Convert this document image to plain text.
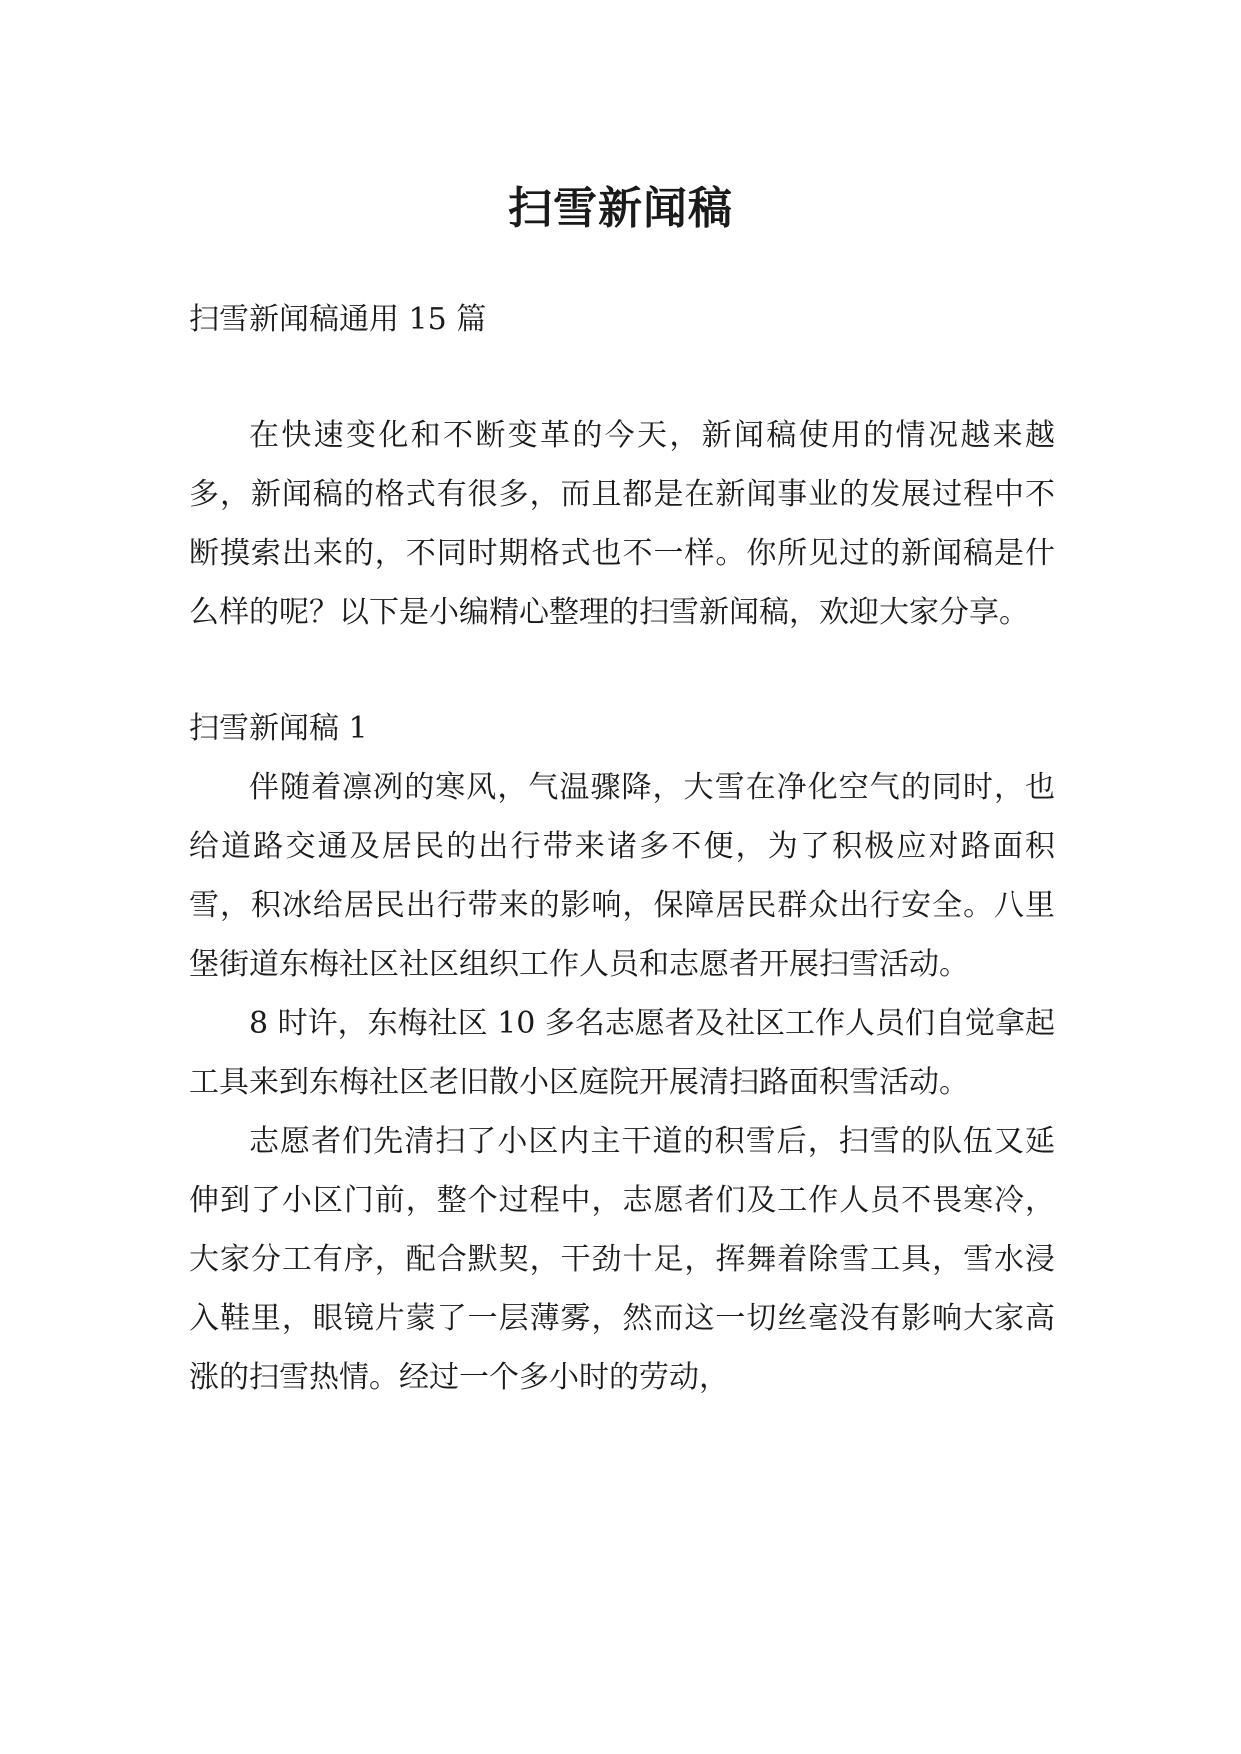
扫雪新闻稿

扫雪新闻稿通用 15 篇

在快速变化和不断变革的今天，新闻稿使用的情况越来越多，新闻稿的格式有很多，而且都是在新闻事业的发展过程中不断摸索出来的，不同时期格式也不一样。你所见过的新闻稿是什么样的呢？以下是小编精心整理的扫雪新闻稿，欢迎大家分享。

扫雪新闻稿 1

伴随着凛冽的寒风，气温骤降，大雪在净化空气的同时，也给道路交通及居民的出行带来诸多不便，为了积极应对路面积雪，积冰给居民出行带来的影响，保障居民群众出行安全。八里堡街道东梅社区社区组织工作人员和志愿者开展扫雪活动。

8 时许，东梅社区 10 多名志愿者及社区工作人员们自觉拿起工具来到东梅社区老旧散小区庭院开展清扫路面积雪活动。

志愿者们先清扫了小区内主干道的积雪后，扫雪的队伍又延伸到了小区门前，整个过程中，志愿者们及工作人员不畏寒冷，大家分工有序，配合默契，干劲十足，挥舞着除雪工具，雪水浸入鞋里，眼镜片蒙了一层薄雾，然而这一切丝毫没有影响大家高涨的扫雪热情。经过一个多小时的劳动，
